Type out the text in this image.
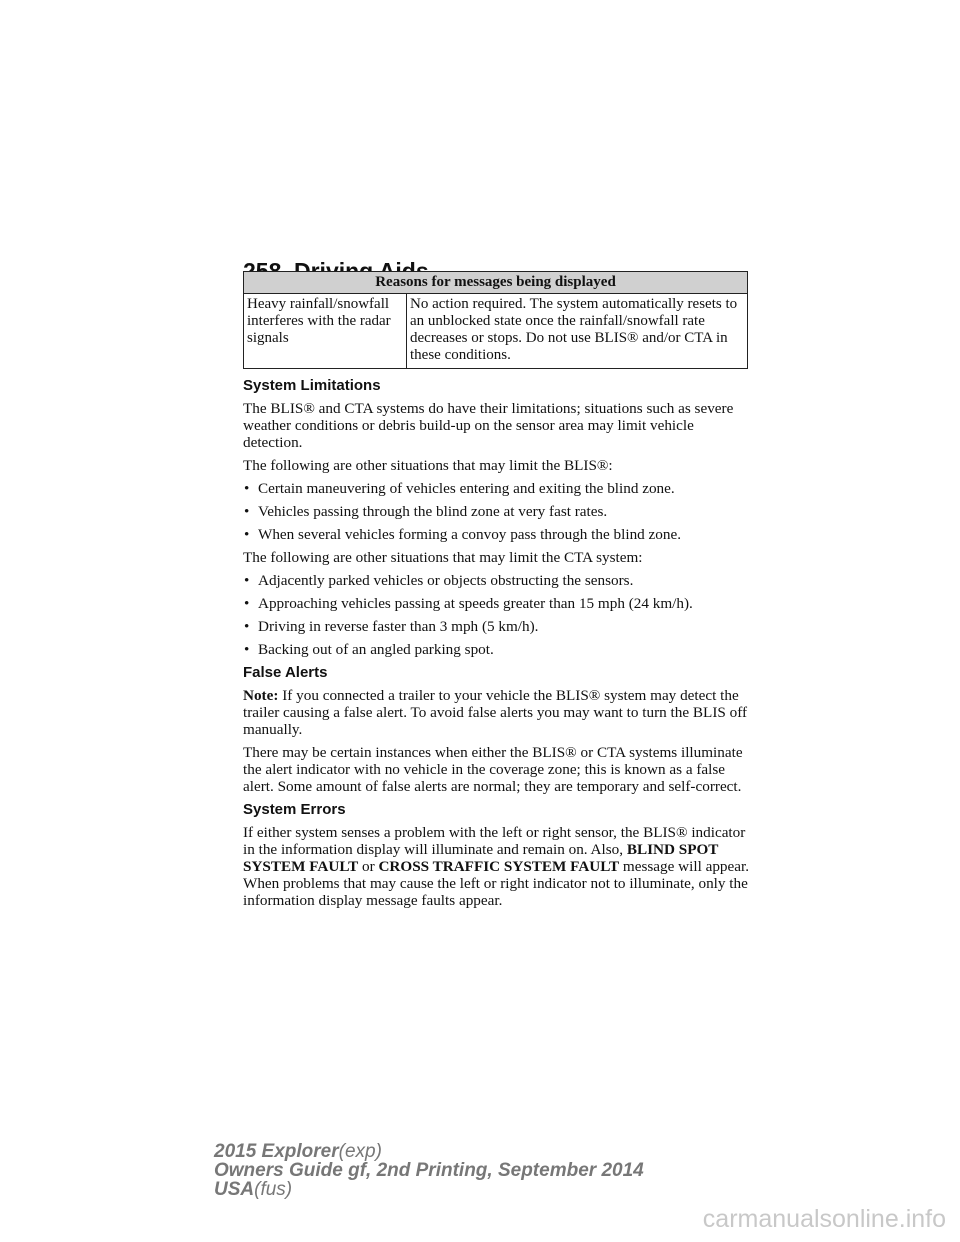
Reasons for messages being displayed
Heavy rainfall/snowfall interferes with the radar signals	No action required. The system automatically resets to an unblocked state once the rainfall/snowfall rate decreases or stops. Do not use BLIS® and/or CTA in these conditions.
System Limitations

The BLIS® and CTA systems do have their limitations; situations such as severe weather conditions or debris build-up on the sensor area may limit vehicle detection.

The following are other situations that may limit the BLIS®:

• Certain maneuvering of vehicles entering and exiting the blind zone.
• Vehicles passing through the blind zone at very fast rates.
• When several vehicles forming a convoy pass through the blind zone.

The following are other situations that may limit the CTA system:

• Adjacently parked vehicles or objects obstructing the sensors.
• Approaching vehicles passing at speeds greater than 15 mph (24 km/h).
• Driving in reverse faster than 3 mph (5 km/h).
• Backing out of an angled parking spot.
False Alerts

Note: If you connected a trailer to your vehicle the BLIS® system may detect the trailer causing a false alert. To avoid false alerts you may want to turn the BLIS off manually.

There may be certain instances when either the BLIS® or CTA systems illuminate the alert indicator with no vehicle in the coverage zone; this is known as a false alert. Some amount of false alerts are normal; they are temporary and self-correct.

System Errors

If either system senses a problem with the left or right sensor, the BLIS® indicator in the information display will illuminate and remain on. Also, BLIND SPOT SYSTEM FAULT or CROSS TRAFFIC SYSTEM FAULT message will appear. When problems that may cause the left or right indicator not to illuminate, only the information display message faults appear.

2015 Explorer(exp)
Owners Guide gf, 2nd Printing, September 2014
USA(fus)
carmanualsonline.info
